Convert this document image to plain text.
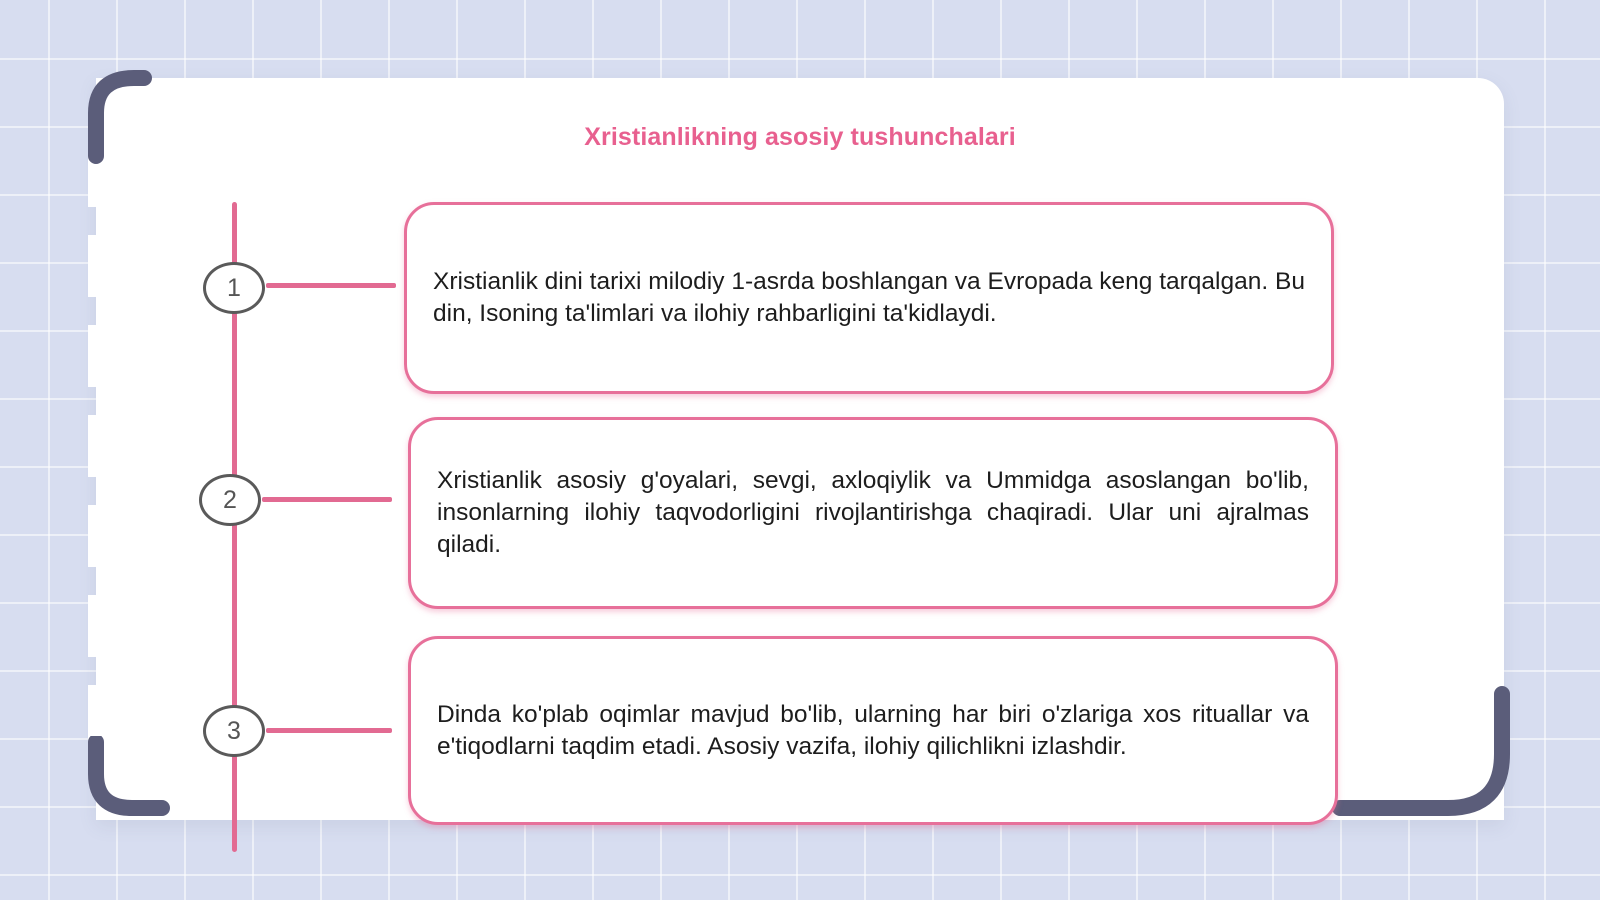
Xristianlikning asosiy tushunchalari
1	Xristianlik dini tarixi milodiy 1-asrda boshlangan va Evropada keng tarqalgan. Bu din, Isoning ta'limlari va ilohiy rahbarligini ta'kidlaydi.

2

Xristianlik asosiy g'oyalari, sevgi, axloqiylik va Ummidga asoslangan bo'lib, insonlarning ilohiy taqvodorligini rivojlantirishga chaqiradi. Ular uni ajralmas qiladi.

3

Dinda ko'plab oqimlar mavjud bo'lib, ularning har biri o'zlariga xos rituallar va e'tiqodlarni taqdim etadi. Asosiy vazifa, ilohiy qilichlikni izlashdir.
